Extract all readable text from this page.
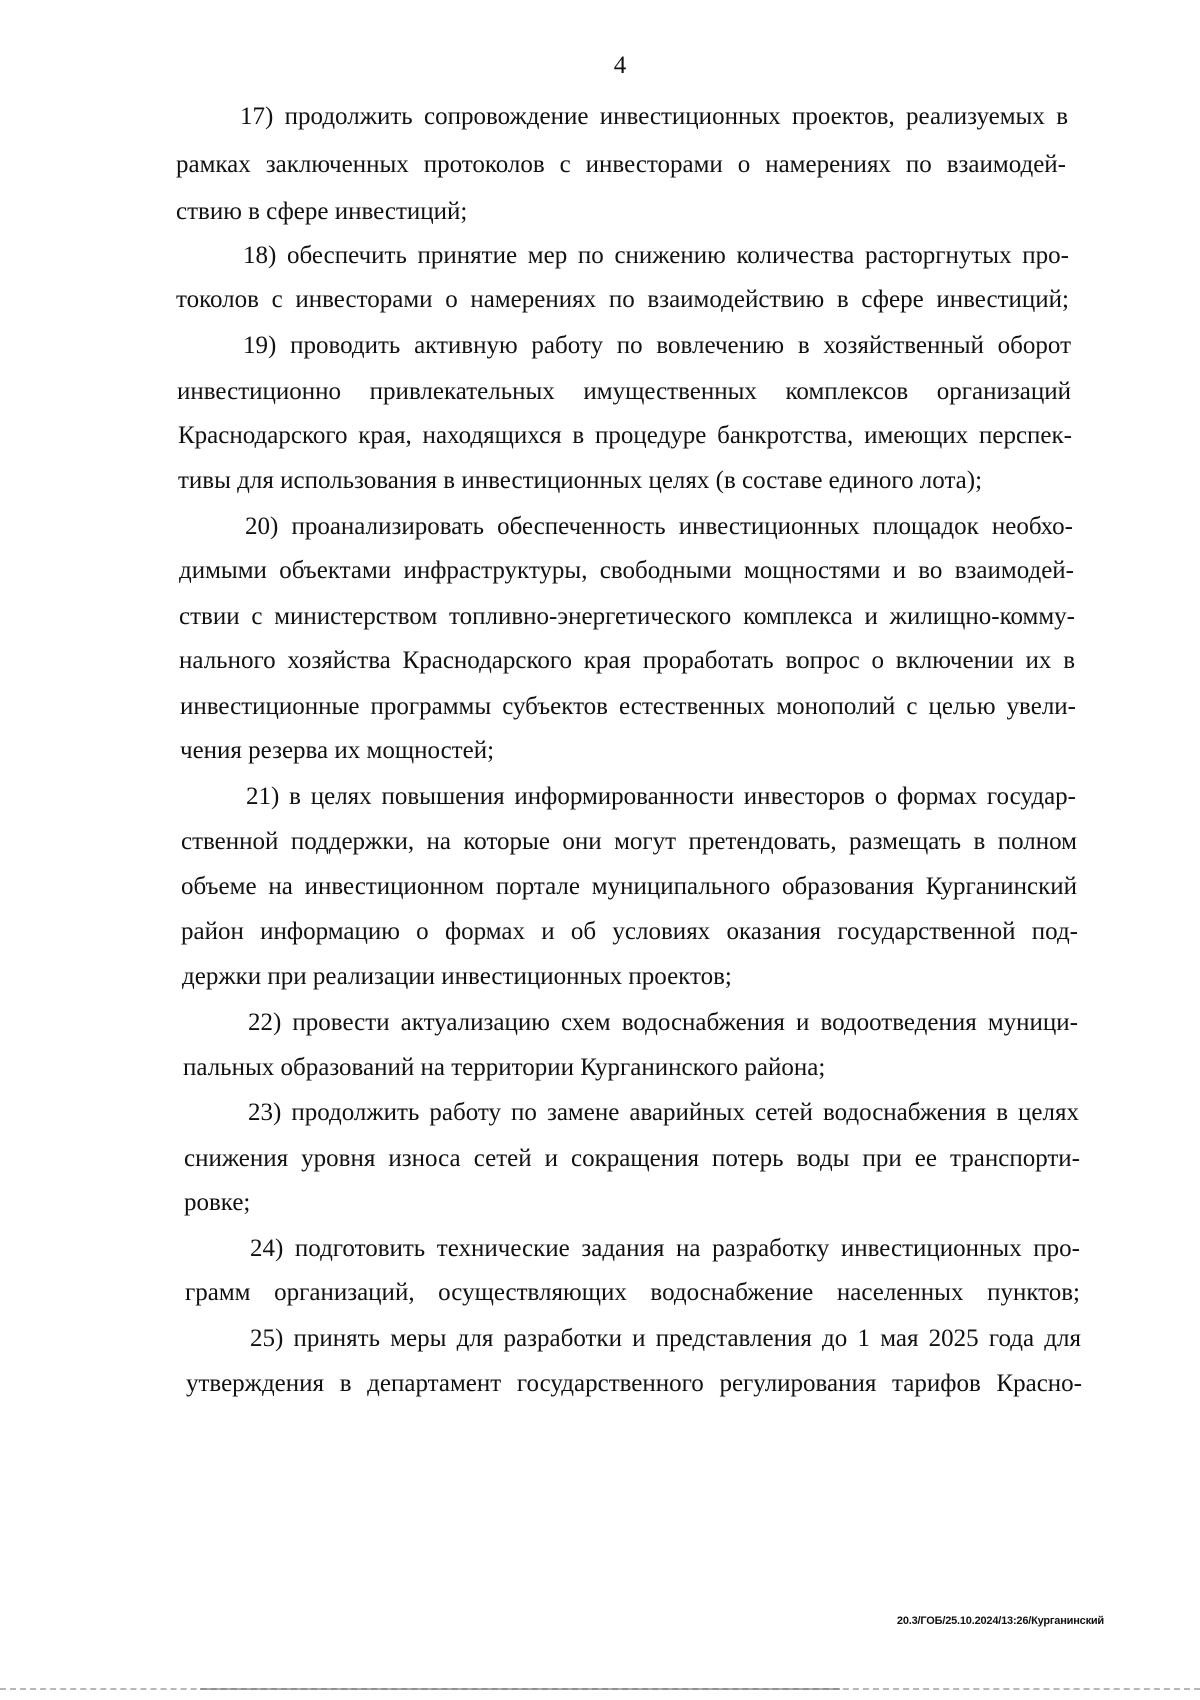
4
17) продолжить сопровождение инвестиционных проектов, реализуемых в
рамках заключенных протоколов с инвесторами о намерениях по взаимодей-
ствию в сфере инвестиций;
18) обеспечить принятие мер по снижению количества расторгнутых про-
токолов с инвесторами о намерениях по взаимодействию в сфере инвестиций;
19) проводить активную работу по вовлечению в хозяйственный оборот
инвестиционно привлекательных имущественных комплексов организаций
Краснодарского края, находящихся в процедуре банкротства, имеющих перспек-
тивы для использования в инвестиционных целях (в составе единого лота);
20) проанализировать обеспеченность инвестиционных площадок необхо-
димыми объектами инфраструктуры, свободными мощностями и во взаимодей-
ствии с министерством топливно-энергетического комплекса и жилищно-комму-
нального хозяйства Краснодарского края проработать вопрос о включении их в
инвестиционные программы субъектов естественных монополий с целью увели-
чения резерва их мощностей;
21) в целях повышения информированности инвесторов о формах государ-
ственной поддержки, на которые они могут претендовать, размещать в полном
объеме на инвестиционном портале муниципального образования Курганинский
район информацию о формах и об условиях оказания государственной под-
держки при реализации инвестиционных проектов;
22) провести актуализацию схем водоснабжения и водоотведения муници-
пальных образований на территории Курганинского района;
23) продолжить работу по замене аварийных сетей водоснабжения в целях
снижения уровня износа сетей и сокращения потерь воды при ее транспорти-
ровке;
24) подготовить технические задания на разработку инвестиционных про-
грамм организаций, осуществляющих водоснабжение населенных пунктов;
25) принять меры для разработки и представления до 1 мая 2025 года для
утверждения в департамент государственного регулирования тарифов Красно-
20.3/ГОБ/25.10.2024/13:26/Курганинский
